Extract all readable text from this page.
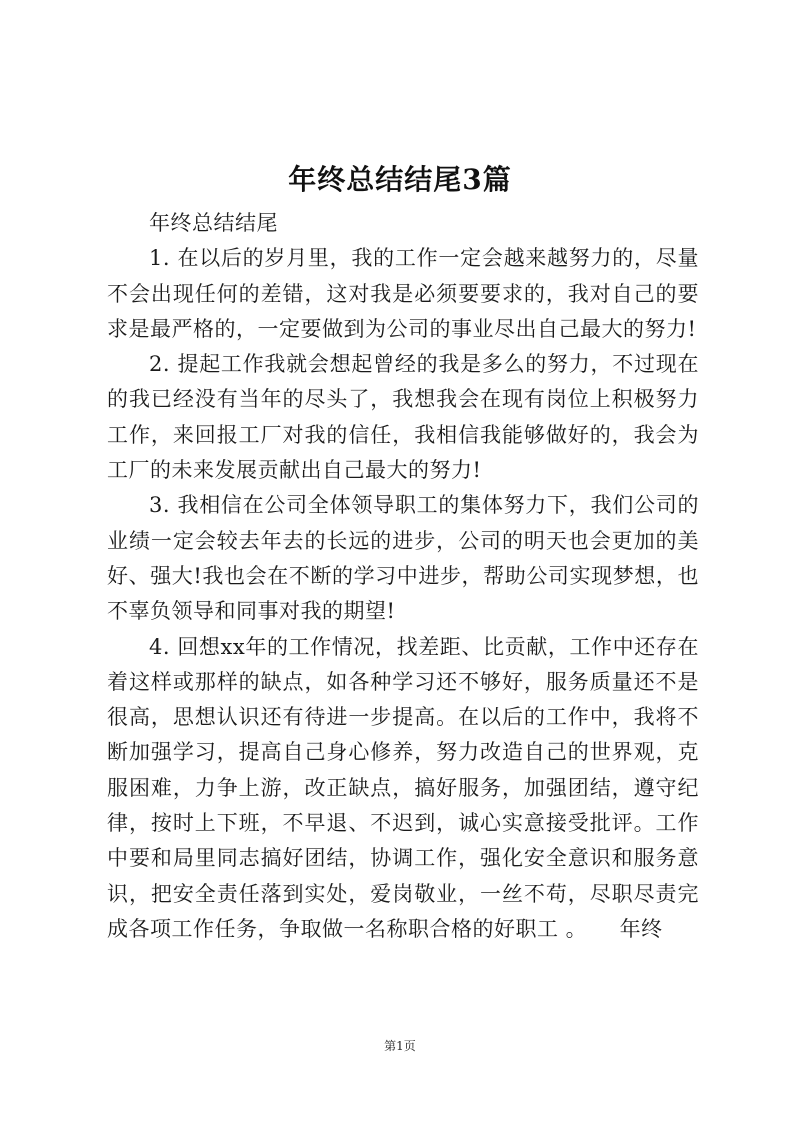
年终总结结尾3篇

年终总结结尾

1. 在以后的岁月里，我的工作一定会越来越努力的，尽量不会出现任何的差错，这对我是必须要要求的，我对自己的要求是最严格的，一定要做到为公司的事业尽出自己最大的努力!

2. 提起工作我就会想起曾经的我是多么的努力，不过现在的我已经没有当年的尽头了，我想我会在现有岗位上积极努力工作，来回报工厂对我的信任，我相信我能够做好的，我会为工厂的未来发展贡献出自己最大的努力!

3. 我相信在公司全体领导职工的集体努力下，我们公司的业绩一定会较去年去的长远的进步，公司的明天也会更加的美好、强大!我也会在不断的学习中进步，帮助公司实现梦想，也不辜负领导和同事对我的期望!

4. 回想xx年的工作情况，找差距、比贡献，工作中还存在着这样或那样的缺点，如各种学习还不够好，服务质量还不是很高，思想认识还有待进一步提高。在以后的工作中，我将不断加强学习，提高自己身心修养，努力改造自己的世界观，克服困难，力争上游，改正缺点，搞好服务，加强团结，遵守纪律，按时上下班，不早退、不迟到，诚心实意接受批评。工作中要和局里同志搞好团结，协调工作，强化安全意识和服务意识，把安全责任落到实处，爱岗敬业，一丝不苟，尽职尽责完成各项工作任务，争取做一名称职合格的好职工 。　　年终

第1页
